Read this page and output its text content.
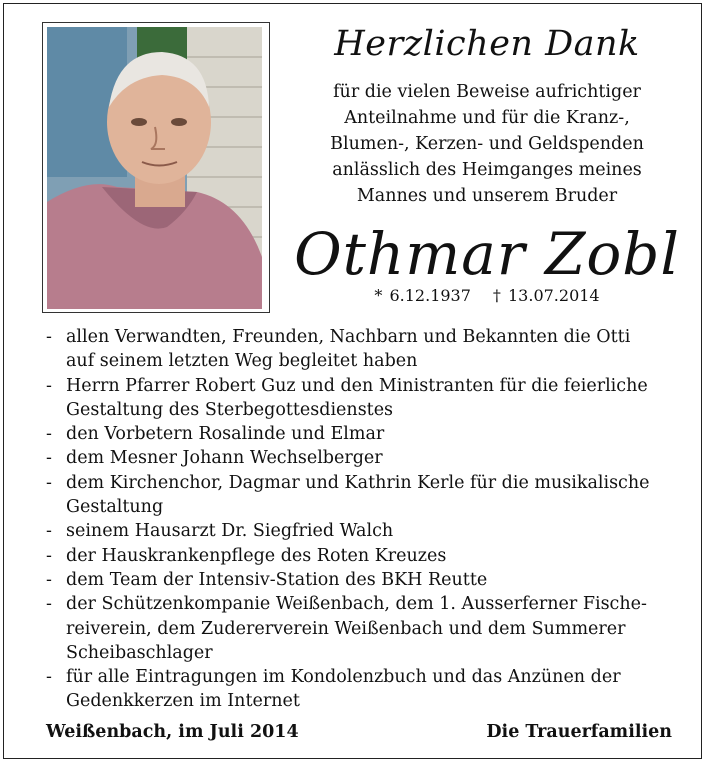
Herzlichen Dank

für die vielen Beweise aufrichtiger
Anteilnahme und für die Kranz-,
Blumen-, Kerzen- und Geldspenden
anlässlich des Heimganges meines
Mannes und unserem Bruder

Othmar Zobl
* 6.12.1937 † 13.07.2014
- allen Verwandten, Freunden, Nachbarn und Bekannten die Otti
auf seinem letzten Weg begleitet haben
- Herrn Pfarrer Robert Guz und den Ministranten für die feierliche
Gestaltung des Sterbegottesdienstes
- den Vorbetern Rosalinde und Elmar
- dem Mesner Johann Wechselberger
- dem Kirchenchor, Dagmar und Kathrin Kerle für die musikalische
Gestaltung
- seinem Hausarzt Dr. Siegfried Walch
- der Hauskrankenpflege des Roten Kreuzes
- dem Team der Intensiv-Station des BKH Reutte
- der Schützenkompanie Weißenbach, dem 1. Ausserferner Fische-
reiverein, dem Zudererverein Weißenbach und dem Summerer
Scheibaschlager
- für alle Eintragungen im Kondolenzbuch und das Anzünen der
Gedenkkerzen im Internet
Weißenbach, im Juli 2014	Die Trauerfamilien
